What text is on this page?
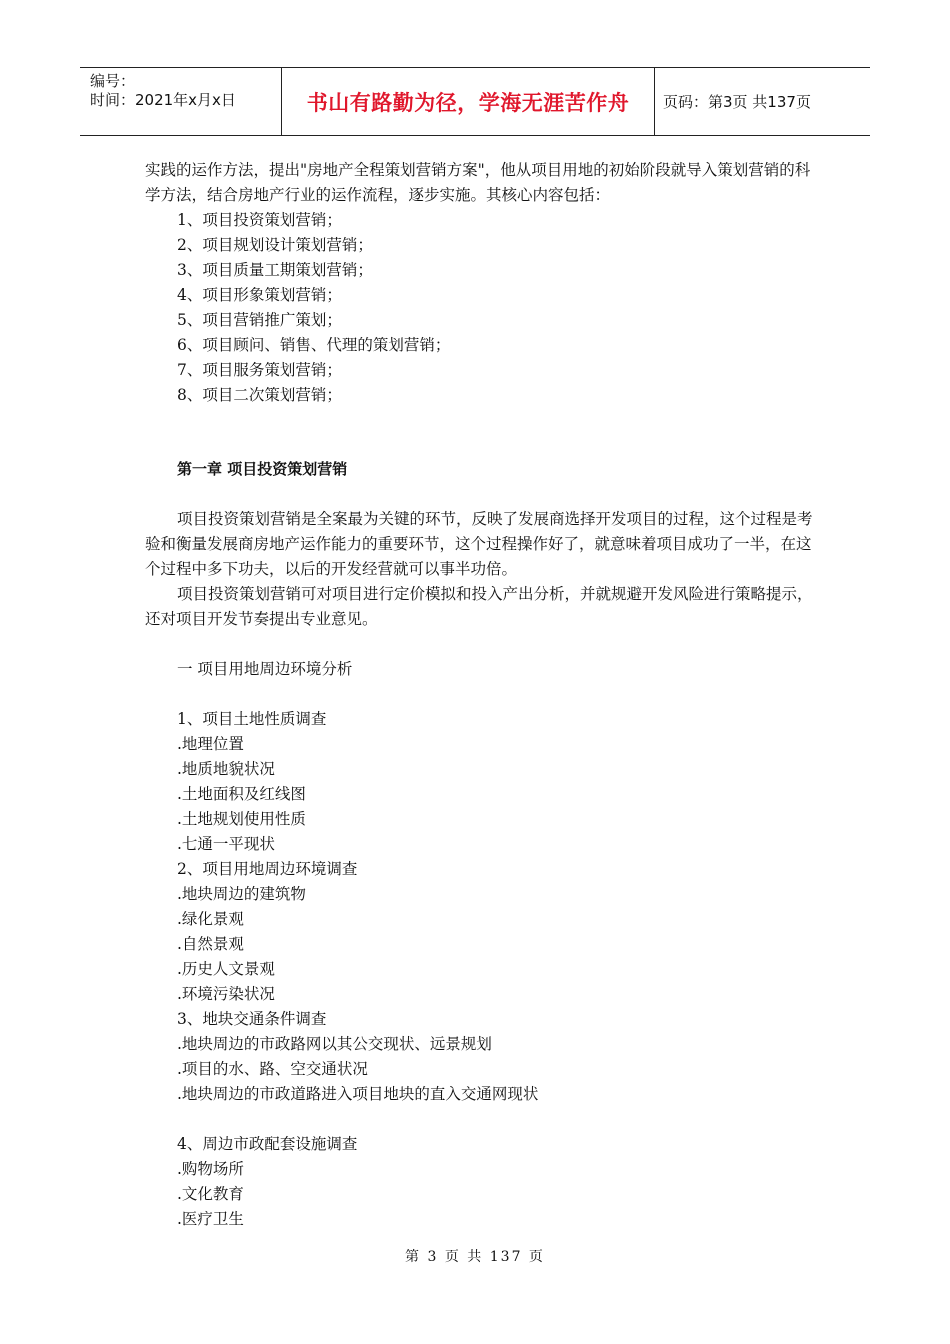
编号：
时间：2021年x月x日	书山有路勤为径，学海无涯苦作舟	页码：第3页 共137页

实践的运作方法，提出"房地产全程策划营销方案"，他从项目用地的初始阶段就导入策划营销的科学方法，结合房地产行业的运作流程，逐步实施。其核心内容包括：

1、项目投资策划营销；

2、项目规划设计策划营销；

3、项目质量工期策划营销；

4、项目形象策划营销；

5、项目营销推广策划；

6、项目顾问、销售、代理的策划营销；

7、项目服务策划营销；

8、项目二次策划营销；

第一章 项目投资策划营销

项目投资策划营销是全案最为关键的环节，反映了发展商选择开发项目的过程，这个过程是考验和衡量发展商房地产运作能力的重要环节，这个过程操作好了，就意味着项目成功了一半，在这个过程中多下功夫，以后的开发经营就可以事半功倍。

项目投资策划营销可对项目进行定价模拟和投入产出分析，并就规避开发风险进行策略提示，还对项目开发节奏提出专业意见。

一 项目用地周边环境分析

1、项目土地性质调查

.地理位置

.地质地貌状况

.土地面积及红线图

.土地规划使用性质

.七通一平现状

2、项目用地周边环境调查

.地块周边的建筑物

.绿化景观

.自然景观

.历史人文景观

.环境污染状况

3、地块交通条件调查

.地块周边的市政路网以其公交现状、远景规划

.项目的水、路、空交通状况

.地块周边的市政道路进入项目地块的直入交通网现状

4、周边市政配套设施调查

.购物场所

.文化教育

.医疗卫生

第 3 页 共 137 页
